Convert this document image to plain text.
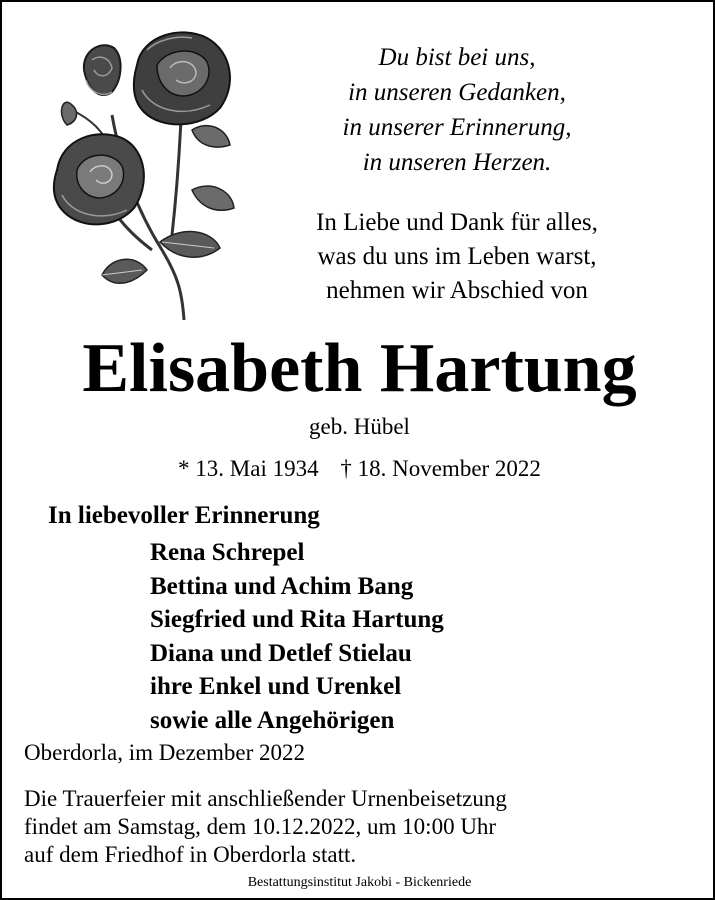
Du bist bei uns,
in unseren Gedanken,
in unserer Erinnerung,
in unseren Herzen.
In Liebe und Dank für alles,
was du uns im Leben warst,
nehmen wir Abschied von
Elisabeth Hartung
geb. Hübel
* 13. Mai 1934 † 18. November 2022
In liebevoller Erinnerung
Rena Schrepel
Bettina und Achim Bang
Siegfried und Rita Hartung
Diana und Detlef Stielau
ihre Enkel und Urenkel
sowie alle Angehörigen
Oberdorla, im Dezember 2022
Die Trauerfeier mit anschließender Urnenbeisetzung
findet am Samstag, dem 10.12.2022, um 10:00 Uhr
auf dem Friedhof in Oberdorla statt.
Bestattungsinstitut Jakobi - Bickenriede
